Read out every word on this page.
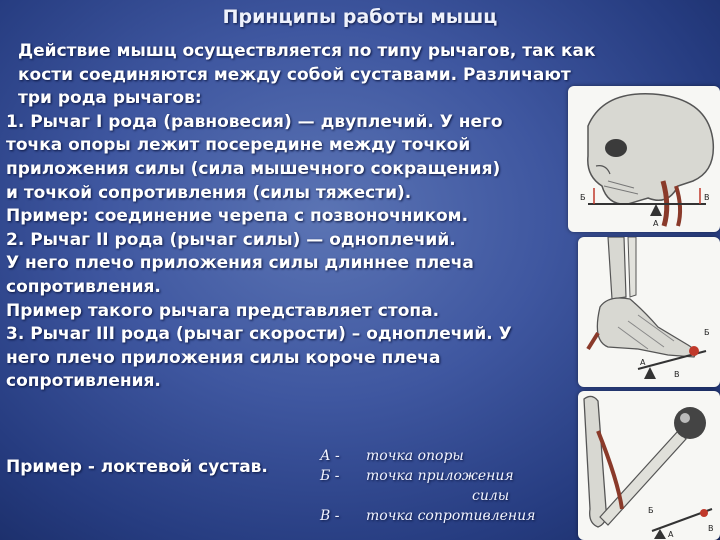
Принципы работы мышц
Действие мышц осуществляется по типу рычагов, так как
кости соединяются между собой суставами. Различают
три рода рычагов:
1. Рычаг I рода (равновесия) — двуплечий. У него
точка опоры лежит посередине между точкой
приложения силы (сила мышечного сокращения)
и точкой сопротивления (силы тяжести).
Пример: соединение черепа с позвоночником.
2. Рычаг II рода (рычаг силы) — одноплечий.
У него плечо приложения силы длиннее плеча
сопротивления.
Пример такого рычага представляет стопа.
3. Рычаг III рода (рычаг скорости) – одноплечий. У
него плечо приложения силы короче плеча
сопротивления.
Пример - локтевой сустав.
А - точка опоры
Б - точка приложения
силы
В - точка сопротивления
Б	В
А
Б
А
В
Б
А
В
